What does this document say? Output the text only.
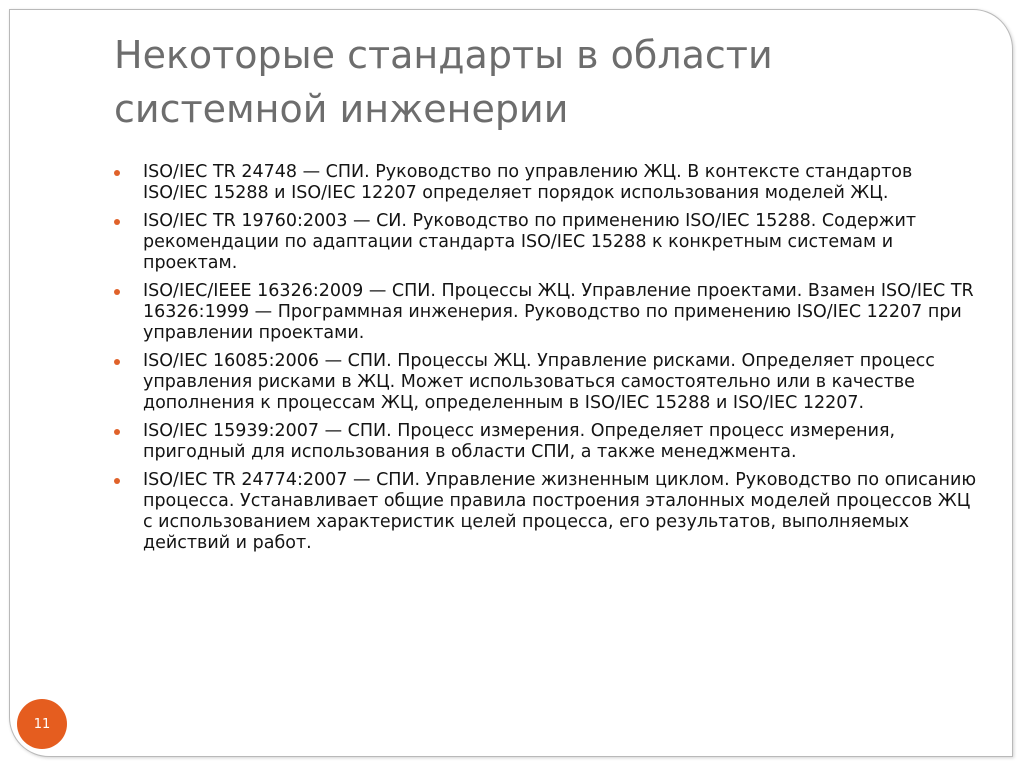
Некоторые стандарты в области
системной инженерии
ISO/IEC TR 24748 — СПИ. Руководство по управлению ЖЦ. В контексте стандартов ISO/IEC 15288 и ISO/IEC 12207 определяет порядок использования моделей ЖЦ.
ISO/IEC TR 19760:2003 — СИ. Руководство по применению ISO/IEC 15288. Содержит рекомендации по адаптации стандарта ISO/IEC 15288 к конкретным системам и проектам.
ISO/IEC/IEEE 16326:2009 — СПИ. Процессы ЖЦ. Управление проектами. Взамен ISO/IEC TR 16326:1999 — Программная инженерия. Руководство по применению ISO/IEC 12207 при управлении проектами.
ISO/IEC 16085:2006 — СПИ. Процессы ЖЦ. Управление рисками. Определяет процесс управления рисками в ЖЦ. Может использоваться самостоятельно или в качестве дополнения к процессам ЖЦ, определенным в ISO/IEC 15288 и ISO/IEC 12207.
ISO/IEC 15939:2007 — СПИ. Процесс измерения. Определяет процесс измерения, пригодный для использования в области СПИ, а также менеджмента.
ISO/IEC TR 24774:2007 — СПИ. Управление жизненным циклом. Руководство по описанию процесса. Устанавливает общие правила построения эталонных моделей процессов ЖЦ с использованием характеристик целей процесса, его результатов, выполняемых действий и работ.
11
